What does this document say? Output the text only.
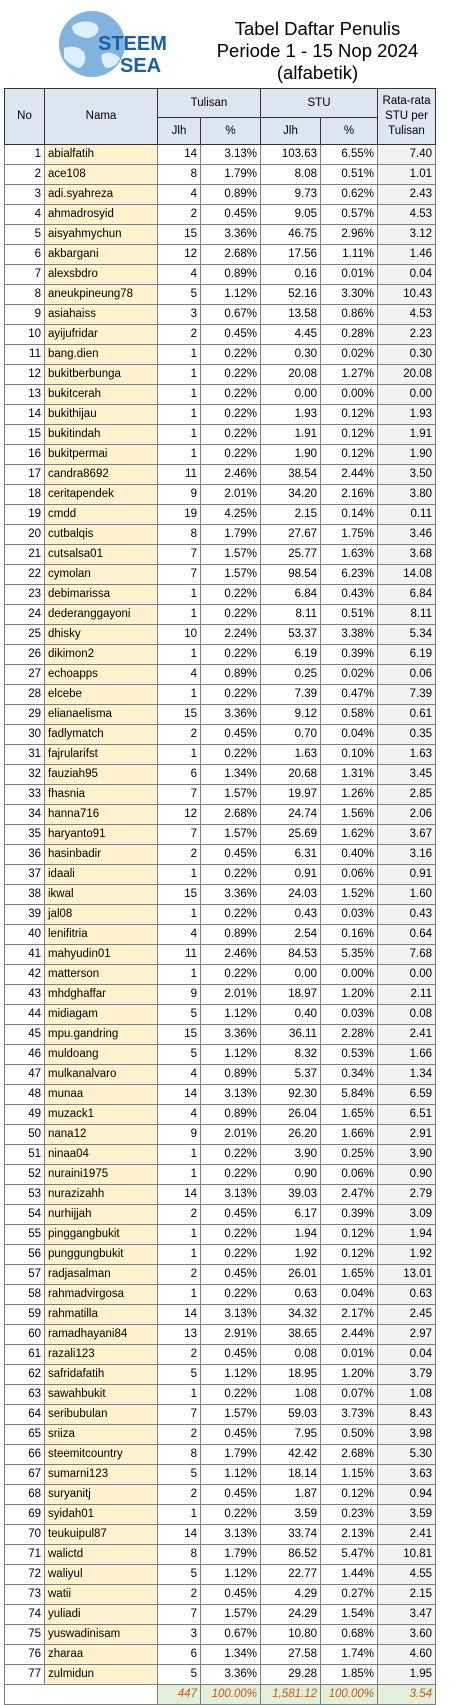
STEEM
SEA
Tabel Daftar Penulis
Periode 1 - 15 Nop 2024
(alfabetik)
No	Nama	Tulisan		STU		Rata-rata
STU per
Tulisan

		Jlh	%	Jlh	%	
1	abialfatih	14	3.13%	103.63	6.55%	7.40
2	ace108	8	1.79%	8.08	0.51%	1.01
3	adi.syahreza	4	0.89%	9.73	0.62%	2.43
4	ahmadrosyid	2	0.45%	9.05	0.57%	4.53
5	aisyahmychun	15	3.36%	46.75	2.96%	3.12
6	akbargani	12	2.68%	17.56	1.11%	1.46
7	alexsbdro	4	0.89%	0.16	0.01%	0.04
8	aneukpineung78	5	1.12%	52.16	3.30%	10.43
9	asiahaiss	3	0.67%	13.58	0.86%	4.53
10	ayijufridar	2	0.45%	4.45	0.28%	2.23
11	bang.dien	1	0.22%	0.30	0.02%	0.30
12	bukitberbunga	1	0.22%	20.08	1.27%	20.08
13	bukitcerah	1	0.22%	0.00	0.00%	0.00
14	bukithijau	1	0.22%	1.93	0.12%	1.93
15	bukitindah	1	0.22%	1.91	0.12%	1.91
16	bukitpermai	1	0.22%	1.90	0.12%	1.90
17	candra8692	11	2.46%	38.54	2.44%	3.50
18	ceritapendek	9	2.01%	34.20	2.16%	3.80
19	cmdd	19	4.25%	2.15	0.14%	0.11
20	cutbalqis	8	1.79%	27.67	1.75%	3.46
21	cutsalsa01	7	1.57%	25.77	1.63%	3.68
22	cymolan	7	1.57%	98.54	6.23%	14.08
23	debimarissa	1	0.22%	6.84	0.43%	6.84
24	dederanggayoni	1	0.22%	8.11	0.51%	8.11
25	dhisky	10	2.24%	53.37	3.38%	5.34
26	dikimon2	1	0.22%	6.19	0.39%	6.19
27	echoapps	4	0.89%	0.25	0.02%	0.06
28	elcebe	1	0.22%	7.39	0.47%	7.39
29	elianaelisma	15	3.36%	9.12	0.58%	0.61
30	fadlymatch	2	0.45%	0.70	0.04%	0.35
31	fajrularifst	1	0.22%	1.63	0.10%	1.63
32	fauziah95	6	1.34%	20.68	1.31%	3.45
33	fhasnia	7	1.57%	19.97	1.26%	2.85
34	hanna716	12	2.68%	24.74	1.56%	2.06
35	haryanto91	7	1.57%	25.69	1.62%	3.67
36	hasinbadir	2	0.45%	6.31	0.40%	3.16
37	idaali	1	0.22%	0.91	0.06%	0.91
38	ikwal	15	3.36%	24.03	1.52%	1.60
39	jal08	1	0.22%	0.43	0.03%	0.43
40	lenifitria	4	0.89%	2.54	0.16%	0.64
41	mahyudin01	11	2.46%	84.53	5.35%	7.68
42	matterson	1	0.22%	0.00	0.00%	0.00
43	mhdghaffar	9	2.01%	18.97	1.20%	2.11
44	midiagam	5	1.12%	0.40	0.03%	0.08
45	mpu.gandring	15	3.36%	36.11	2.28%	2.41
46	muldoang	5	1.12%	8.32	0.53%	1.66
47	mulkanalvaro	4	0.89%	5.37	0.34%	1.34
48	munaa	14	3.13%	92.30	5.84%	6.59
49	muzack1	4	0.89%	26.04	1.65%	6.51
50	nana12	9	2.01%	26.20	1.66%	2.91
51	ninaa04	1	0.22%	3.90	0.25%	3.90
52	nuraini1975	1	0.22%	0.90	0.06%	0.90
53	nurazizahh	14	3.13%	39.03	2.47%	2.79
54	nurhijjah	2	0.45%	6.17	0.39%	3.09
55	pinggangbukit	1	0.22%	1.94	0.12%	1.94
56	punggungbukit	1	0.22%	1.92	0.12%	1.92
57	radjasalman	2	0.45%	26.01	1.65%	13.01
58	rahmadvirgosa	1	0.22%	0.63	0.04%	0.63
59	rahmatilla	14	3.13%	34.32	2.17%	2.45
60	ramadhayani84	13	2.91%	38.65	2.44%	2.97
61	razali123	2	0.45%	0.08	0.01%	0.04
62	safridafatih	5	1.12%	18.95	1.20%	3.79
63	sawahbukit	1	0.22%	1.08	0.07%	1.08
64	seribubulan	7	1.57%	59.03	3.73%	8.43
65	sriiza	2	0.45%	7.95	0.50%	3.98
66	steemitcountry	8	1.79%	42.42	2.68%	5.30
67	sumarni123	5	1.12%	18.14	1.15%	3.63
68	suryanitj	2	0.45%	1.87	0.12%	0.94
69	syidah01	1	0.22%	3.59	0.23%	3.59
70	teukuipul87	14	3.13%	33.74	2.13%	2.41
71	walictd	8	1.79%	86.52	5.47%	10.81
72	waliyul	5	1.12%	22.77	1.44%	4.55
73	watii	2	0.45%	4.29	0.27%	2.15
74	yuliadi	7	1.57%	24.29	1.54%	3.47
75	yuswadinisam	3	0.67%	10.80	0.68%	3.60
76	zharaa	6	1.34%	27.58	1.74%	4.60
77	zulmidun	5	3.36%	29.28	1.85%	1.95
		447	100.00%	1,581.12	100.00%	3.54
